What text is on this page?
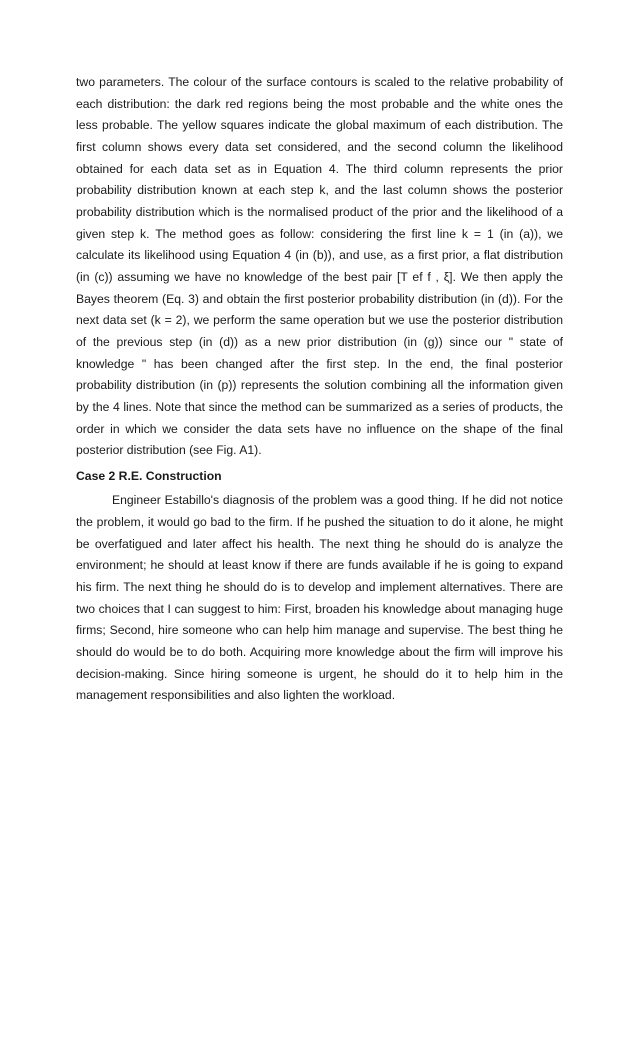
two parameters. The colour of the surface contours is scaled to the relative probability of each distribution: the dark red regions being the most probable and the white ones the less probable. The yellow squares indicate the global maximum of each distribution. The first column shows every data set considered, and the second column the likelihood obtained for each data set as in Equation 4. The third column represents the prior probability distribution known at each step k, and the last column shows the posterior probability distribution which is the normalised product of the prior and the likelihood of a given step k. The method goes as follow: considering the first line k = 1 (in (a)), we calculate its likelihood using Equation 4 (in (b)), and use, as a first prior, a flat distribution (in (c)) assuming we have no knowledge of the best pair [T ef f , ξ]. We then apply the Bayes theorem (Eq. 3) and obtain the first posterior probability distribution (in (d)). For the next data set (k = 2), we perform the same operation but we use the posterior distribution of the previous step (in (d)) as a new prior distribution (in (g)) since our " state of knowledge " has been changed after the first step. In the end, the final posterior probability distribution (in (p)) represents the solution combining all the information given by the 4 lines. Note that since the method can be summarized as a series of products, the order in which we consider the data sets have no influence on the shape of the final posterior distribution (see Fig. A1).

Case 2 R.E. Construction

Engineer Estabillo's diagnosis of the problem was a good thing. If he did not notice the problem, it would go bad to the firm. If he pushed the situation to do it alone, he might be overfatigued and later affect his health. The next thing he should do is analyze the environment; he should at least know if there are funds available if he is going to expand his firm. The next thing he should do is to develop and implement alternatives. There are two choices that I can suggest to him: First, broaden his knowledge about managing huge firms; Second, hire someone who can help him manage and supervise. The best thing he should do would be to do both. Acquiring more knowledge about the firm will improve his decision-making. Since hiring someone is urgent, he should do it to help him in the management responsibilities and also lighten the workload.
